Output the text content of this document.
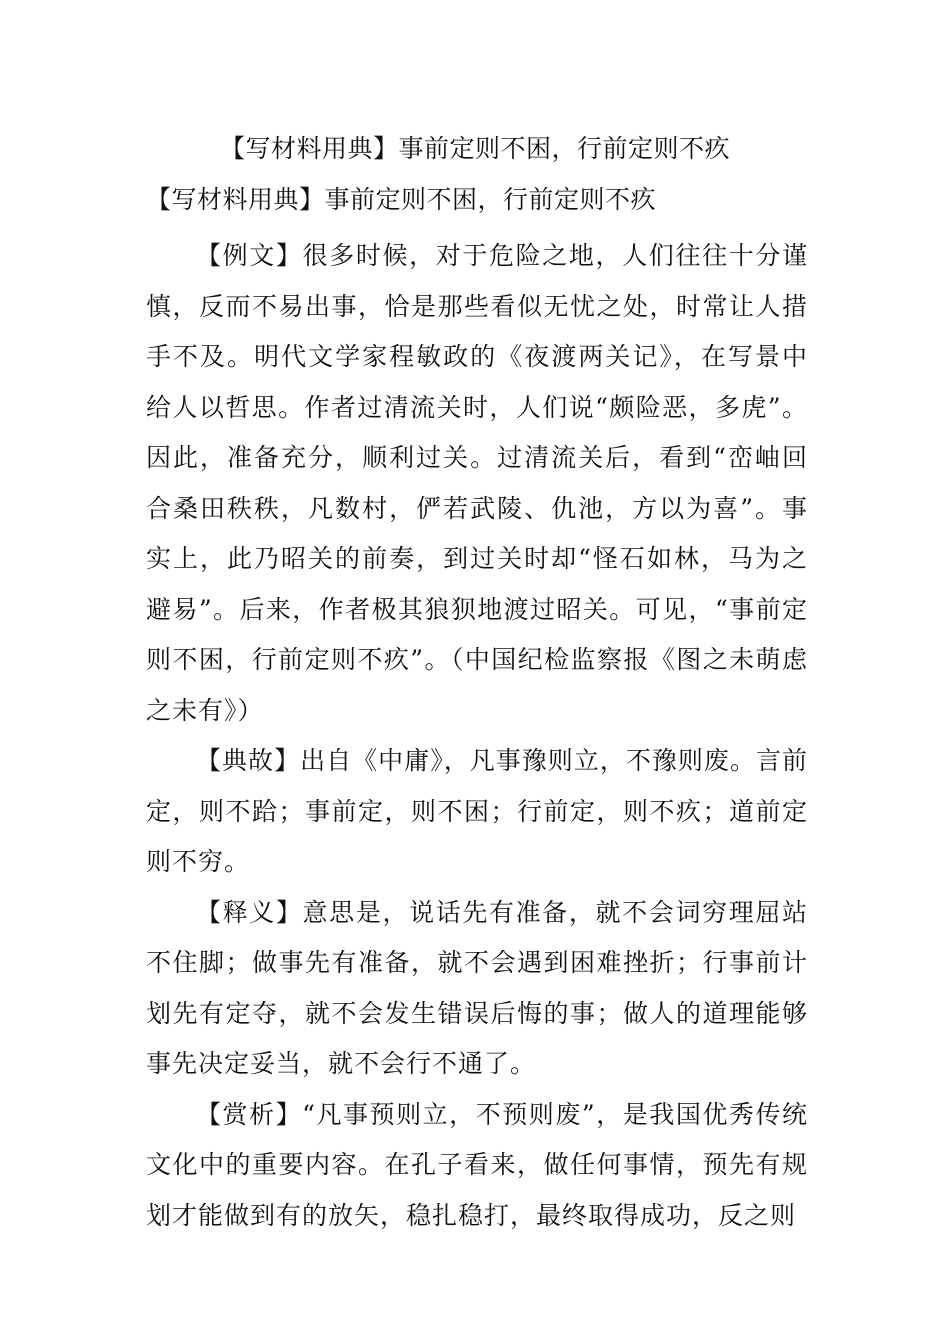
【写材料用典】事前定则不困，行前定则不疚
【写材料用典】事前定则不困，行前定则不疚

【例文】很多时候，对于危险之地，人们往往十分谨慎，反而不易出事，恰是那些看似无忧之处，时常让人措手不及。明代文学家程敏政的《夜渡两关记》，在写景中给人以哲思。作者过清流关时，人们说“颇险恶，多虎”。因此，准备充分，顺利过关。过清流关后，看到“峦岫回合桑田秩秩，凡数村，俨若武陵、仇池，方以为喜”。事实上，此乃昭关的前奏，到过关时却“怪石如林，马为之避易”。后来，作者极其狼狈地渡过昭关。可见，“事前定则不困，行前定则不疚”。（中国纪检监察报《图之未萌虑之未有》）

【典故】出自《中庸》，凡事豫则立，不豫则废。言前定，则不跲；事前定，则不困；行前定，则不疚；道前定则不穷。

【释义】意思是，说话先有准备，就不会词穷理屈站不住脚；做事先有准备，就不会遇到困难挫折；行事前计划先有定夺，就不会发生错误后悔的事；做人的道理能够事先决定妥当，就不会行不通了。

【赏析】“凡事预则立，不预则废”，是我国优秀传统文化中的重要内容。在孔子看来，做任何事情，预先有规划才能做到有的放矢，稳扎稳打，最终取得成功，反之则
